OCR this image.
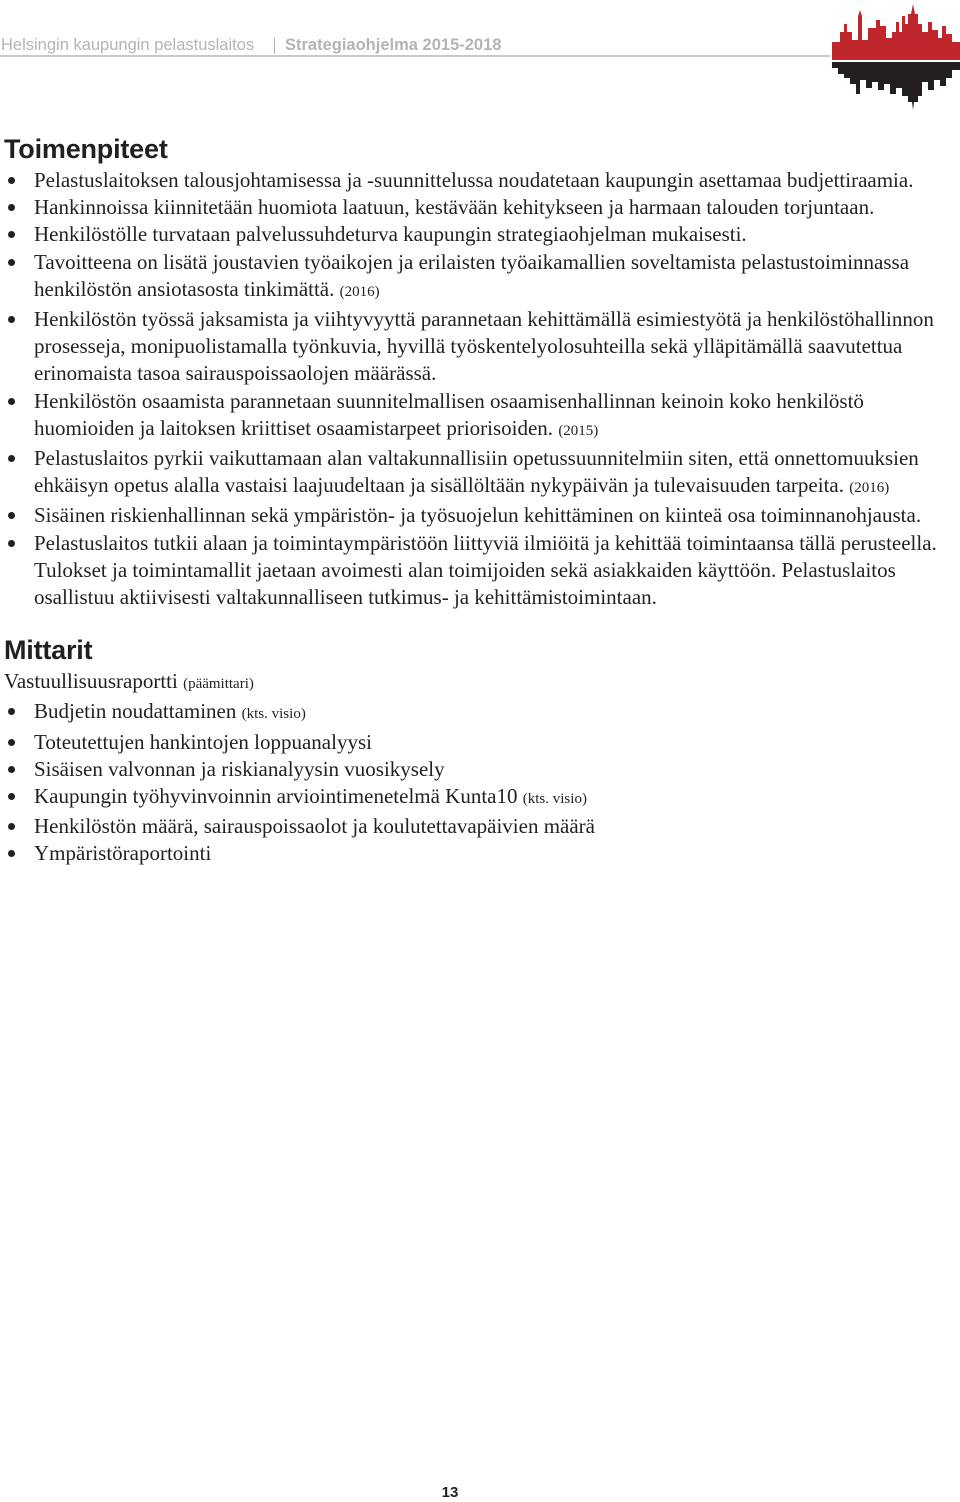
Helsingin kaupungin pelastuslaitos Strategiaohjelma 2015-2018
Toimenpiteet
Pelastuslaitoksen talousjohtamisessa ja -suunnittelussa noudatetaan kaupungin asettamaa budjettiraamia.
Hankinnoissa kiinnitetään huomiota laatuun, kestävään kehitykseen ja harmaan talouden torjuntaan.
Henkilöstölle turvataan palvelussuhdeturva kaupungin strategiaohjelman mukaisesti.
Tavoitteena on lisätä joustavien työaikojen ja erilaisten työaikamallien soveltamista pelastustoiminnassa henkilöstön ansiotasosta tinkimättä. (2016)
Henkilöstön työssä jaksamista ja viihtyvyyttä parannetaan kehittämällä esimiestyötä ja henkilöstöhallinnon prosesseja, monipuolistamalla työnkuvia, hyvillä työskentelyolosuhteilla sekä ylläpitämällä saavutettua erinomaista tasoa sairauspoissaolojen määrässä.
Henkilöstön osaamista parannetaan suunnitelmallisen osaamisenhallinnan keinoin koko henkilöstö huomioiden ja laitoksen kriittiset osaamistarpeet priorisoiden. (2015)
Pelastuslaitos pyrkii vaikuttamaan alan valtakunnallisiin opetussuunnitelmiin siten, että onnettomuuksien ehkäisyn opetus alalla vastaisi laajuudeltaan ja sisällöltään nykypäivän ja tulevaisuuden tarpeita. (2016)
Sisäinen riskienhallinnan sekä ympäristön- ja työsuojelun kehittäminen on kiinteä osa toiminnanohjausta.
Pelastuslaitos tutkii alaan ja toimintaympäristöön liittyviä ilmiöitä ja kehittää toimintaansa tällä perusteella. Tulokset ja toimintamallit jaetaan avoimesti alan toimijoiden sekä asiakkaiden käyttöön. Pelastuslaitos osallistuu aktiivisesti valtakunnalliseen tutkimus- ja kehittämistoimintaan.
Mittarit
Vastuullisuusraportti (päämittari)
Budjetin noudattaminen (kts. visio)
Toteutettujen hankintojen loppuanalyysi
Sisäisen valvonnan ja riskianalyysin vuosikysely
Kaupungin työhyvinvoinnin arviointimenetelmä Kunta10 (kts. visio)
Henkilöstön määrä, sairauspoissaolot ja koulutettavapäivien määrä
Ympäristöraportointi
13
